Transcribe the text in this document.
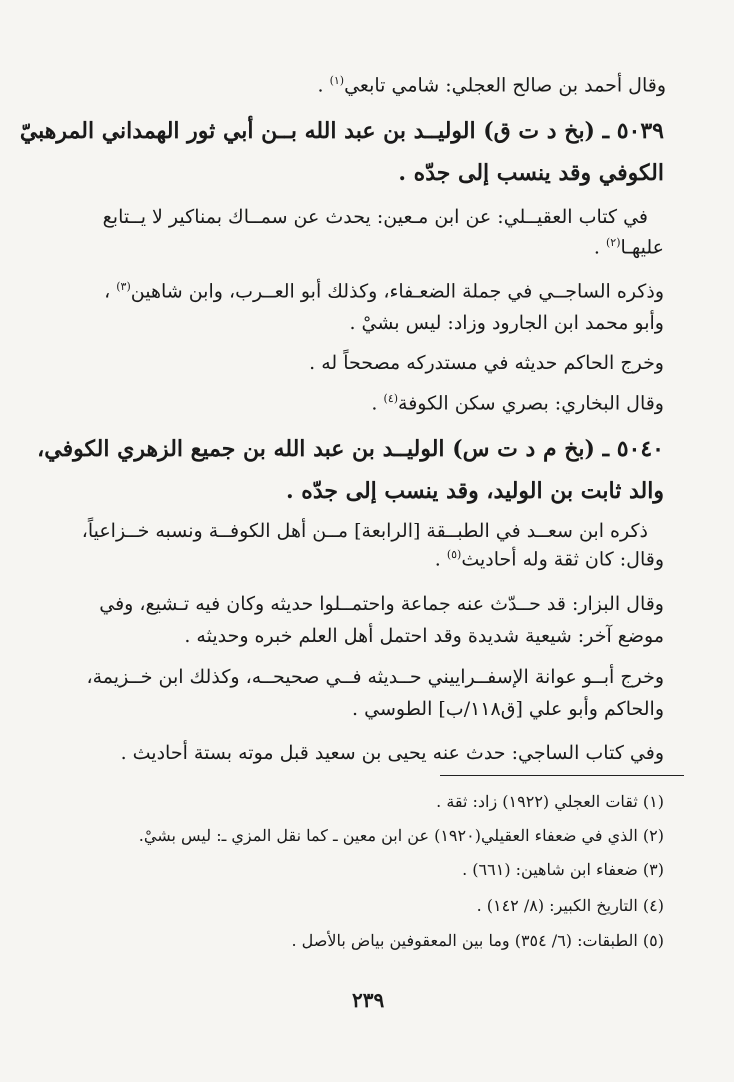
وقال أحمد بن صالح العجلي: شامي تابعي$^{(١)}$ .

٥٠٣٩ ـ (بخ د ت ق) الوليــد بن عبد الله بــن أبي ثور الهمداني المرهبيّ

الكوفي وقد ينسب إلى جدّه .

في كتاب العقيــلي: عن ابن مـعين: يحدث عن سمــاك بمناكير لا يــتابع

عليهـا$^{(٢)}$ .

وذكره الساجــي في جملة الضعـفاء، وكذلك أبو العــرب، وابن شاهين$^{(٣)}$ ،

وأبو محمد ابن الجارود وزاد: ليس بشيْ .

وخرج الحاكم حديثه في مستدركه مصححاً له .

وقال البخاري: بصري سكن الكوفة$^{(٤)}$ .

٥٠٤٠ ـ (بخ م د ت س) الوليــد بن عبد الله بن جميع الزهري الكوفي،

والد ثابت بن الوليد، وقد ينسب إلى جدّه .

ذكره ابن سعــد في الطبــقة [الرابعة] مــن أهل الكوفــة ونسبه خــزاعياً،

وقال: كان ثقة وله أحاديث$^{(٥)}$ .

وقال البزار: قد حــدّث عنه جماعة واحتمــلوا حديثه وكان فيه تـشيع، وفي

موضع آخر: شيعية شديدة وقد احتمل أهل العلم خبره وحديثه .

وخرج أبــو عوانة الإسفــراييني حــديثه فــي صحيحــه، وكذلك ابن خــزيمة،

والحاكم وأبو علي [ق١١٨/ب] الطوسي .

وفي كتاب الساجي: حدث عنه يحيى بن سعيد قبل موته بستة أحاديث .

(١) ثقات العجلي (١٩٢٢) زاد: ثقة .

(٢) الذي في ضعفاء العقيلي(١٩٢٠) عن ابن معين ـ كما نقل المزي ـ: ليس بشيْ.

(٣) ضعفاء ابن شاهين: (٦٦١) .

(٤) التاريخ الكبير: (٨/ ١٤٢) .

(٥) الطبقات: (٦/ ٣٥٤) وما بين المعقوفين بياض بالأصل .

٢٣٩
